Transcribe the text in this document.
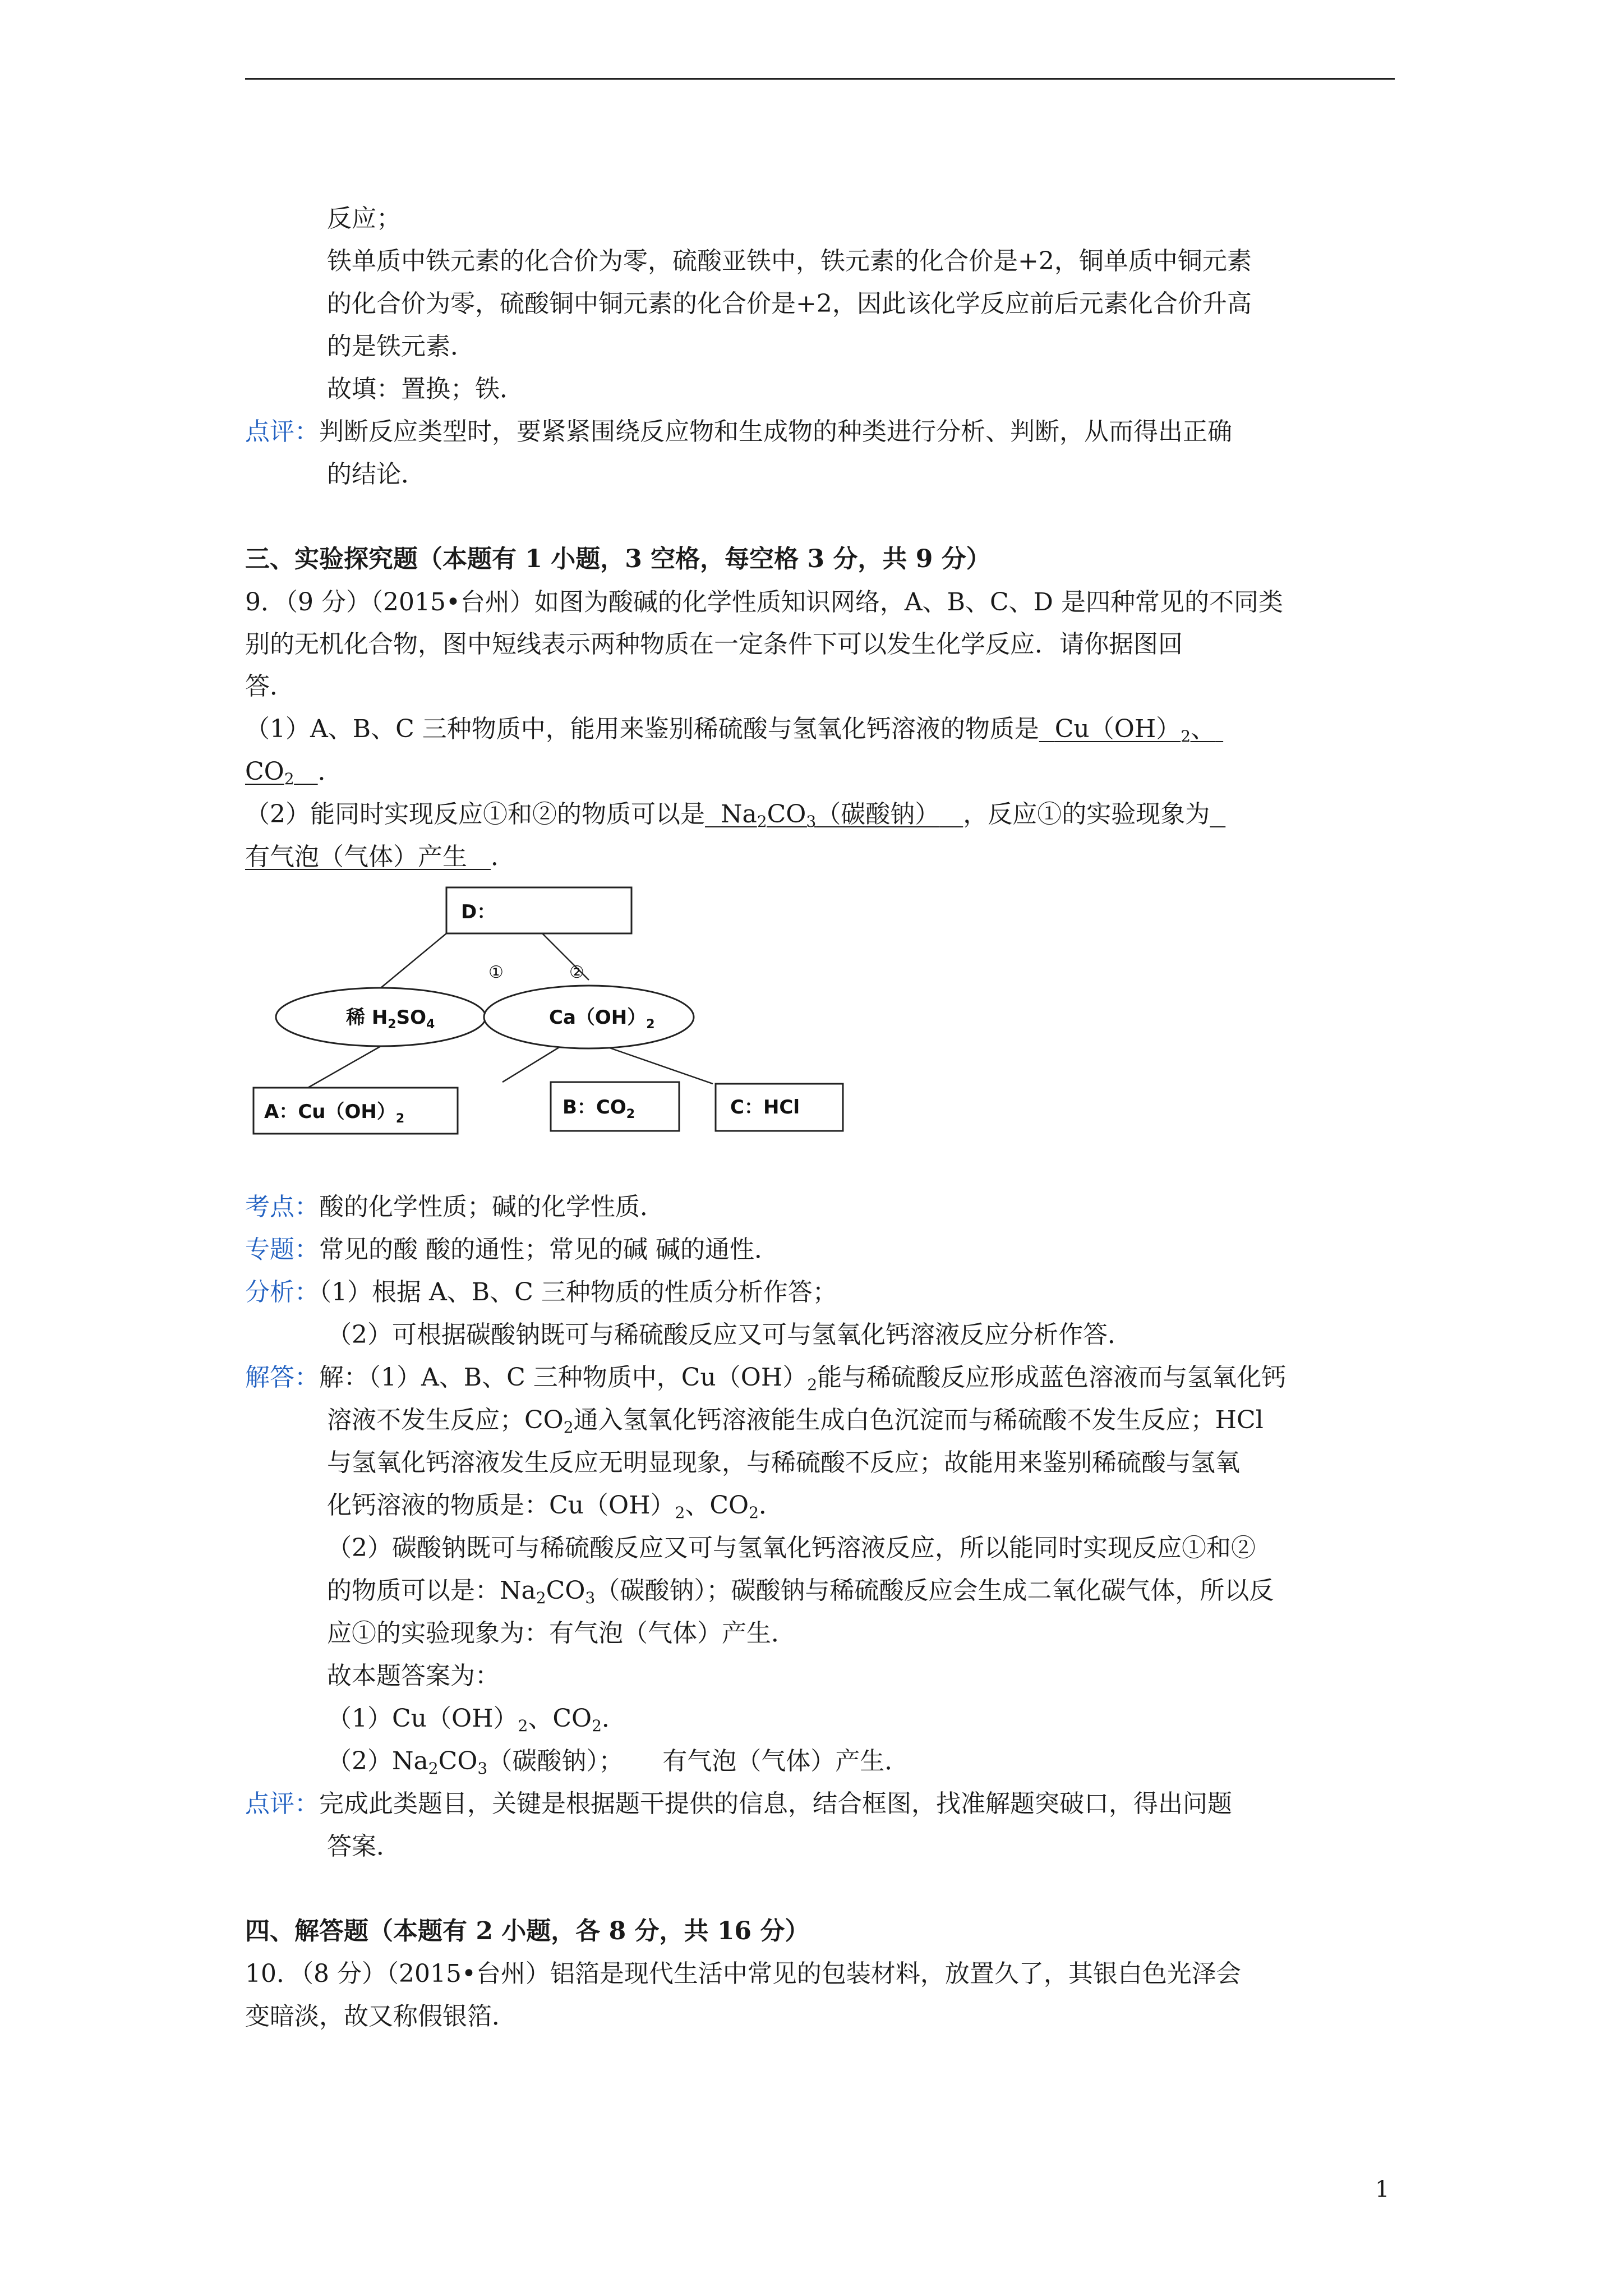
反应；
铁单质中铁元素的化合价为零，硫酸亚铁中，铁元素的化合价是+2，铜单质中铜元素
的化合价为零，硫酸铜中铜元素的化合价是+2，因此该化学反应前后元素化合价升高
的是铁元素．
故填：置换；铁．
点评：判断反应类型时，要紧紧围绕反应物和生成物的种类进行分析、判断，从而得出正确
的结论．
三、实验探究题（本题有 1 小题，3 空格，每空格 3 分，共 9 分）
9．（9 分）（2015•台州）如图为酸碱的化学性质知识网络，A、B、C、D 是四种常见的不同类
别的无机化合物，图中短线表示两种物质在一定条件下可以发生化学反应．请你据图回
答．
（1）A、B、C 三种物质中，能用来鉴别稀硫酸与氢氧化钙溶液的物质是 $Cu(OH)_2$、
$CO_2$ ．
（2）能同时实现反应①和②的物质可以是 $Na_2CO_3$（碳酸钠） ，反应①的实验现象为
有气泡（气体）产生 ．
D：
①	②
稀 $H_2SO_4$	$Ca(OH)_2$
A：$Cu(OH)_2$
B：$CO_2$	C：HCl
考点：酸的化学性质；碱的化学性质．
专题：常见的酸 酸的通性；常见的碱 碱的通性．
分析：（1）根据 A、B、C 三种物质的性质分析作答；
（2）可根据碳酸钠既可与稀硫酸反应又可与氢氧化钙溶液反应分析作答．
解答：解：（1）A、B、C 三种物质中，$Cu(OH)_2$能与稀硫酸反应形成蓝色溶液而与氢氧化钙
溶液不发生反应；$CO_2$通入氢氧化钙溶液能生成白色沉淀而与稀硫酸不发生反应；HCl
与氢氧化钙溶液发生反应无明显现象，与稀硫酸不反应；故能用来鉴别稀硫酸与氢氧
化钙溶液的物质是：$Cu(OH)_2$、$CO_2$．
（2）碳酸钠既可与稀硫酸反应又可与氢氧化钙溶液反应，所以能同时实现反应①和②
的物质可以是：$Na_2CO_3$（碳酸钠）；碳酸钠与稀硫酸反应会生成二氧化碳气体，所以反
应①的实验现象为：有气泡（气体）产生．
故本题答案为：
$(1)Cu(OH)_2$、$CO_2$．
$(2)Na_2CO_3$（碳酸钠）； 有气泡（气体）产生．
点评：完成此类题目，关键是根据题干提供的信息，结合框图，找准解题突破口，得出问题
答案．
四、解答题（本题有 2 小题，各 8 分，共 16 分）
10．（8 分）（2015•台州）铝箔是现代生活中常见的包装材料，放置久了，其银白色光泽会
变暗淡，故又称假银箔．
1
